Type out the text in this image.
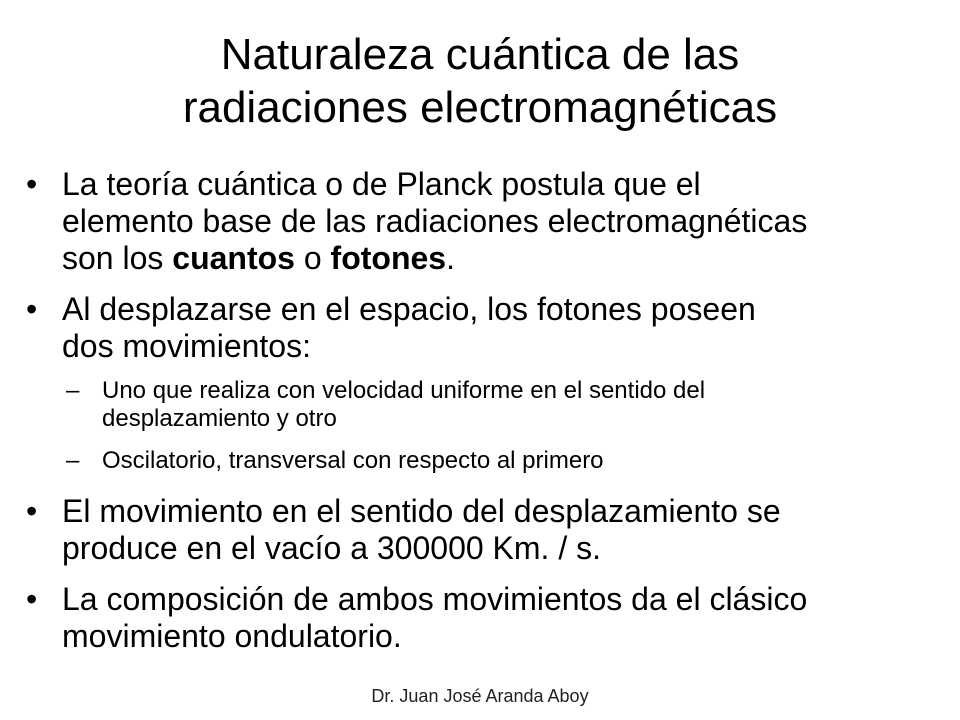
Naturaleza cuántica de las
radiaciones electromagnéticas
• La teoría cuántica o de Planck postula que el
elemento base de las radiaciones electromagnéticas
son los cuantos o fotones.
• Al desplazarse en el espacio, los fotones poseen
dos movimientos:
– Uno que realiza con velocidad uniforme en el sentido del
desplazamiento y otro
– Oscilatorio, transversal con respecto al primero
• El movimiento en el sentido del desplazamiento se
produce en el vacío a 300000 Km. / s.
• La composición de ambos movimientos da el clásico
movimiento ondulatorio.
Dr. Juan José Aranda Aboy
